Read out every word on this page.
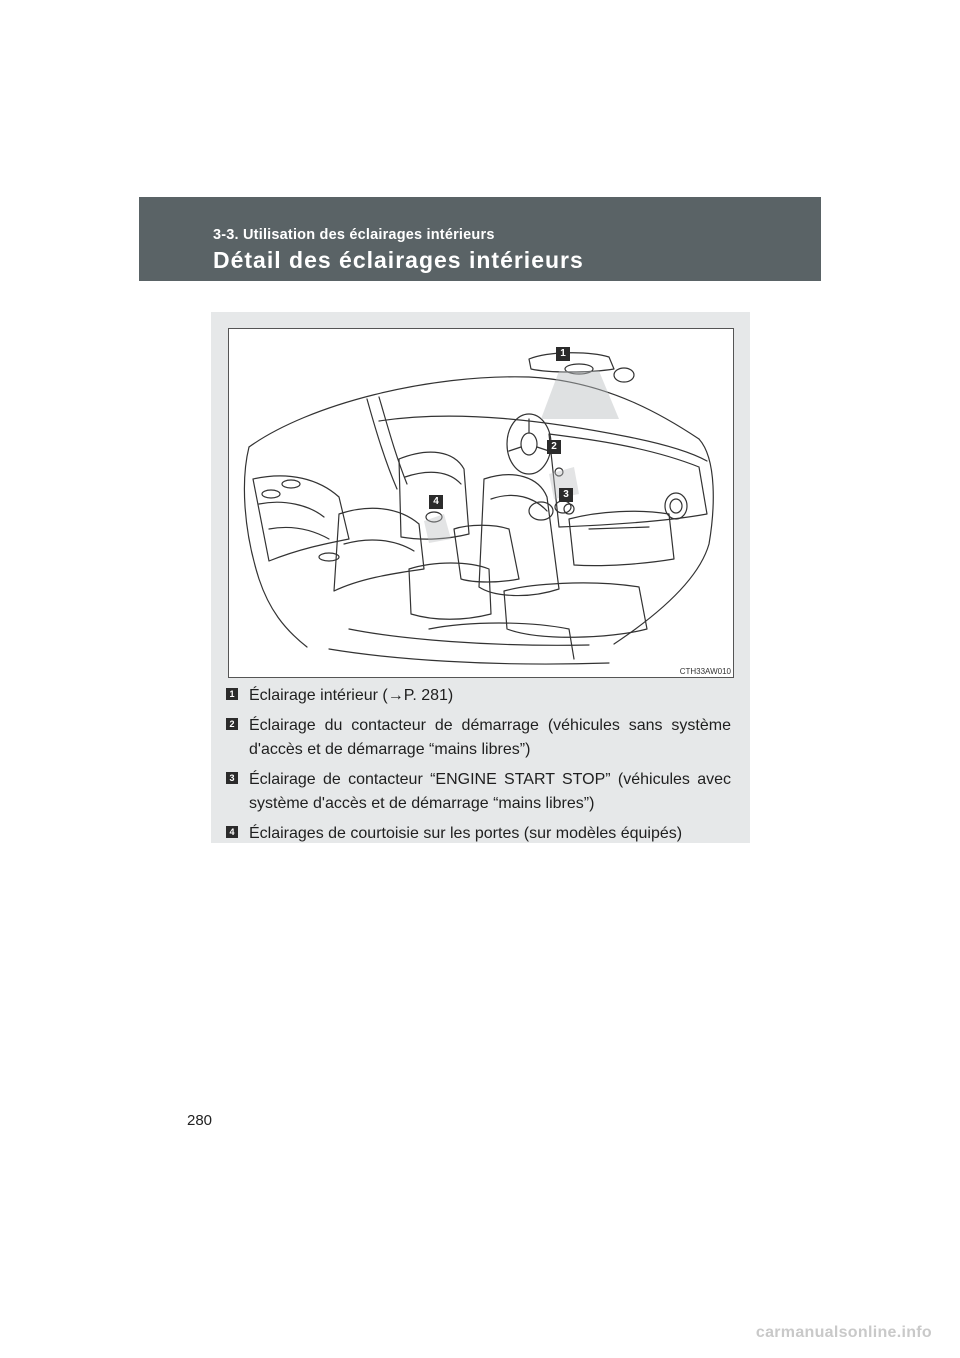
3-3. Utilisation des éclairages intérieurs
Détail des éclairages intérieurs
1
2
3
4
CTH33AW010
1 Éclairage intérieur (→P. 281)
2 Éclairage du contacteur de démarrage (véhicules sans système d'accès et de démarrage “mains libres”)
3 Éclairage de contacteur “ENGINE START STOP” (véhicules avec système d'accès et de démarrage “mains libres”)
4 Éclairages de courtoisie sur les portes (sur modèles équipés)
280
carmanualsonline.info
